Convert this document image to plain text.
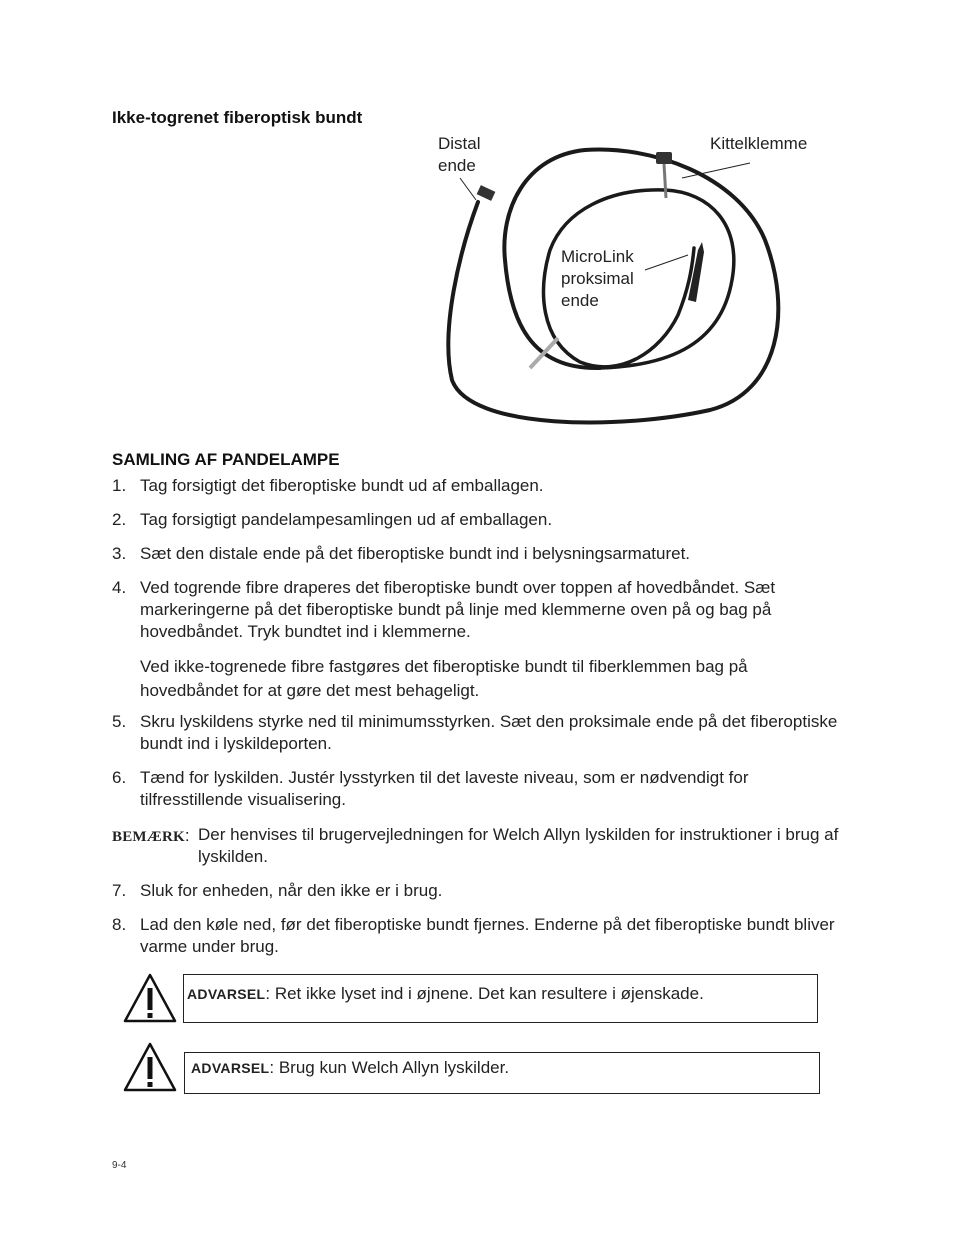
Ikke-togrenet fiberoptisk bundt
Distal
ende
Kittelklemme
MicroLink
proksimal
ende
SAMLING AF PANDELAMPE
1. Tag forsigtigt det fiberoptiske bundt ud af emballagen.
2. Tag forsigtigt pandelampesamlingen ud af emballagen.
3. Sæt den distale ende på det fiberoptiske bundt ind i belysningsarmaturet.
4. Ved togrende fibre draperes det fiberoptiske bundt over toppen af hovedbåndet. Sæt markeringerne på det fiberoptiske bundt på linje med klemmerne oven på og bag på hovedbåndet. Tryk bundtet ind i klemmerne.
Ved ikke-togrenede fibre fastgøres det fiberoptiske bundt til fiberklemmen bag på hovedbåndet for at gøre det mest behageligt.
5. Skru lyskildens styrke ned til minimumsstyrken. Sæt den proksimale ende på det fiberoptiske bundt ind i lyskildeporten.
6. Tænd for lyskilden. Justér lysstyrken til det laveste niveau, som er nødvendigt for tilfresstillende visualisering.
BEMÆRK: Der henvises til brugervejledningen for Welch Allyn lyskilden for instruktioner i brug af lyskilden.
7. Sluk for enheden, når den ikke er i brug.
8. Lad den køle ned, før det fiberoptiske bundt fjernes. Enderne på det fiberoptiske bundt bliver varme under brug.
ADVARSEL: Ret ikke lyset ind i øjnene. Det kan resultere i øjenskade.
ADVARSEL: Brug kun Welch Allyn lyskilder.
9-4
